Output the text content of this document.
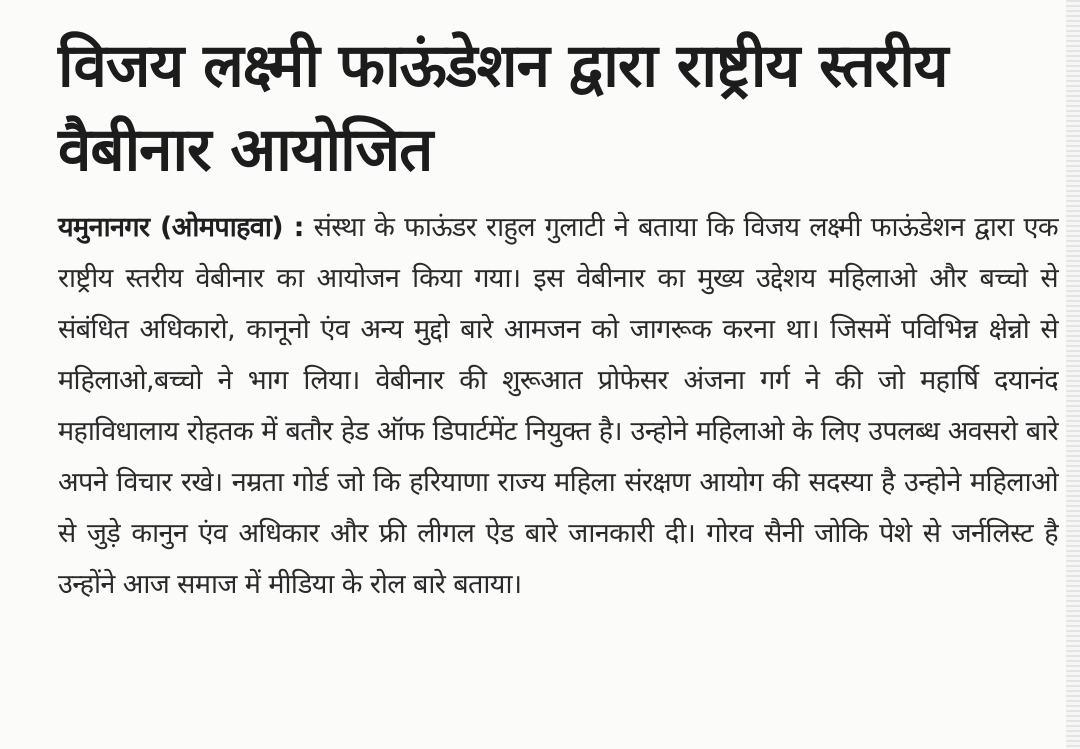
विजय लक्ष्मी फाऊंडेशन द्वारा राष्ट्रीय स्तरीय वैबीनार आयोजित

यमुनानगर (ओमपाहवा) : संस्था के फाऊंडर राहुल गुलाटी ने बताया कि विजय लक्ष्मी फाऊंडेशन द्वारा एक राष्ट्रीय स्तरीय वेबीनार का आयोजन किया गया। इस वेबीनार का मुख्य उद्देशय महिलाओ और बच्चो से संबंधित अधिकारो, कानूनो एंव अन्य मुद्दो बारे आमजन को जागरूक करना था। जिसमें पविभिन्न क्षेन्नो से महिलाओ,बच्चो ने भाग लिया। वेबीनार की शुरूआत प्रोफेसर अंजना गर्ग ने की जो महार्षि दयानंद महाविधालाय रोहतक में बतौर हेड ऑफ डिपार्टमेंट नियुक्त है। उन्होने महिलाओ के लिए उपलब्ध अवसरो बारे अपने विचार रखे। नम्रता गोर्ड जो कि हरियाणा राज्य महिला संरक्षण आयोग की सदस्या है उन्होने महिलाओ से जुड़े कानुन एंव अधिकार और फ्री लीगल ऐड बारे जानकारी दी। गोरव सैनी जोकि पेशे से जर्नलिस्ट है उन्होंने आज समाज में मीडिया के रोल बारे बताया।
